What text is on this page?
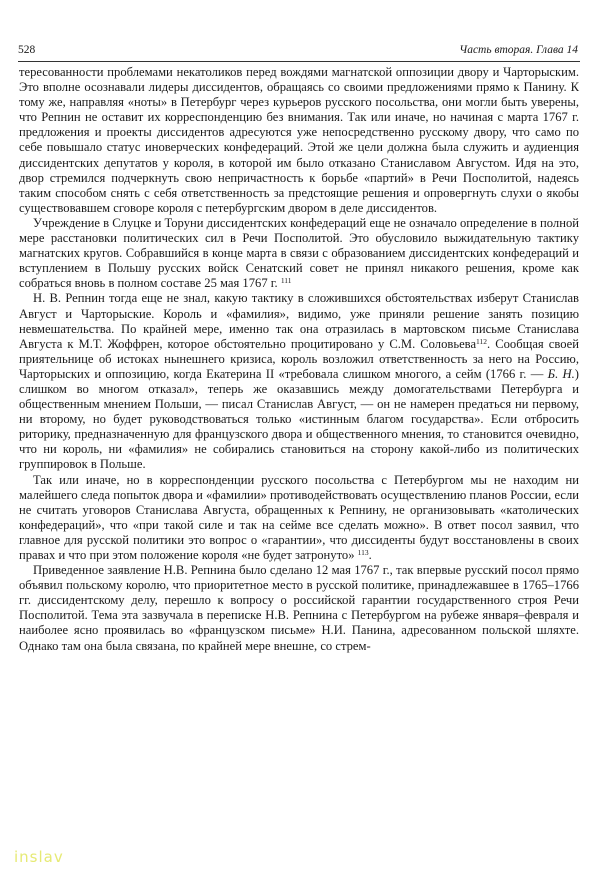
528	Часть вторая. Глава 14

тересованности проблемами некатоликов перед вождями магнатской оппозиции двору и Чарторыским. Это вполне осознавали лидеры диссидентов, обращаясь со своими предложениями прямо к Панину. К тому же, направляя «ноты» в Петербург через курьеров русского посольства, они могли быть уверены, что Репнин не оставит их корреспонденцию без внимания. Так или иначе, но начиная с марта 1767 г. предложения и проекты диссидентов адресуются уже непосредственно русскому двору, что само по себе повышало статус иноверческих конфедераций. Этой же цели должна была служить и аудиенция диссидентских депутатов у короля, в которой им было отказано Станиславом Августом. Идя на это, двор стремился подчеркнуть свою непричастность к борьбе «партий» в Речи Посполитой, надеясь таким способом снять с себя ответственность за предстоящие решения и опровергнуть слухи о якобы существовавшем сговоре короля с петербургским двором в деле диссидентов.

Учреждение в Слуцке и Торуни диссидентских конфедераций еще не означало определение в полной мере расстановки политических сил в Речи Посполитой. Это обусловило выжидательную тактику магнатских кругов. Собравшийся в конце марта в связи с образованием диссидентских конфедераций и вступлением в Польшу русских войск Сенатский совет не принял никакого решения, кроме как собраться вновь в полном составе 25 мая 1767 г. $^{111}$

Н. В. Репнин тогда еще не знал, какую тактику в сложившихся обстоятельствах изберут Станислав Август и Чарторыские. Король и «фамилия», видимо, уже приняли решение занять позицию невмешательства. По крайней мере, именно так она отразилась в мартовском письме Станислава Августа к М.Т. Жоффрен, которое обстоятельно процитировано у С.М. Соловьева$^{112}$. Сообщая своей приятельнице об истоках нынешнего кризиса, король возложил ответственность за него на Россию, Чарторыских и оппозицию, когда Екатерина II «требовала слишком многого, а сейм (1766 г. — Б. Н.) слишком во многом отказал», теперь же оказавшись между домогательствами Петербурга и общественным мнением Польши, — писал Станислав Август, — он не намерен предаться ни первому, ни второму, но будет руководствоваться только «истинным благом государства». Если отбросить риторику, предназначенную для французского двора и общественного мнения, то становится очевидно, что ни король, ни «фамилия» не собирались становиться на сторону какой-либо из политических группировок в Польше.

Так или иначе, но в корреспонденции русского посольства с Петербургом мы не находим ни малейшего следа попыток двора и «фамилии» противодействовать осуществлению планов России, если не считать уговоров Станислава Августа, обращенных к Репнину, не организовывать «католических конфедераций», что «при такой силе и так на сейме все сделать можно». В ответ посол заявил, что главное для русской политики это вопрос о «гарантии», что диссиденты будут восстановлены в своих правах и что при этом положение короля «не будет затронуто» $^{113}$.

Приведенное заявление Н.В. Репнина было сделано 12 мая 1767 г., так впервые русский посол прямо объявил польскому королю, что приоритетное место в русской политике, принадлежавшее в 1765–1766 гг. диссидентскому делу, перешло к вопросу о российской гарантии государственного строя Речи Посполитой. Тема эта зазвучала в переписке Н.В. Репнина с Петербургом на рубеже января–февраля и наиболее ясно проявилась во «французском письме» Н.И. Панина, адресованном польской шляхте. Однако там она была связана, по крайней мере внешне, со стрем-

inslav
